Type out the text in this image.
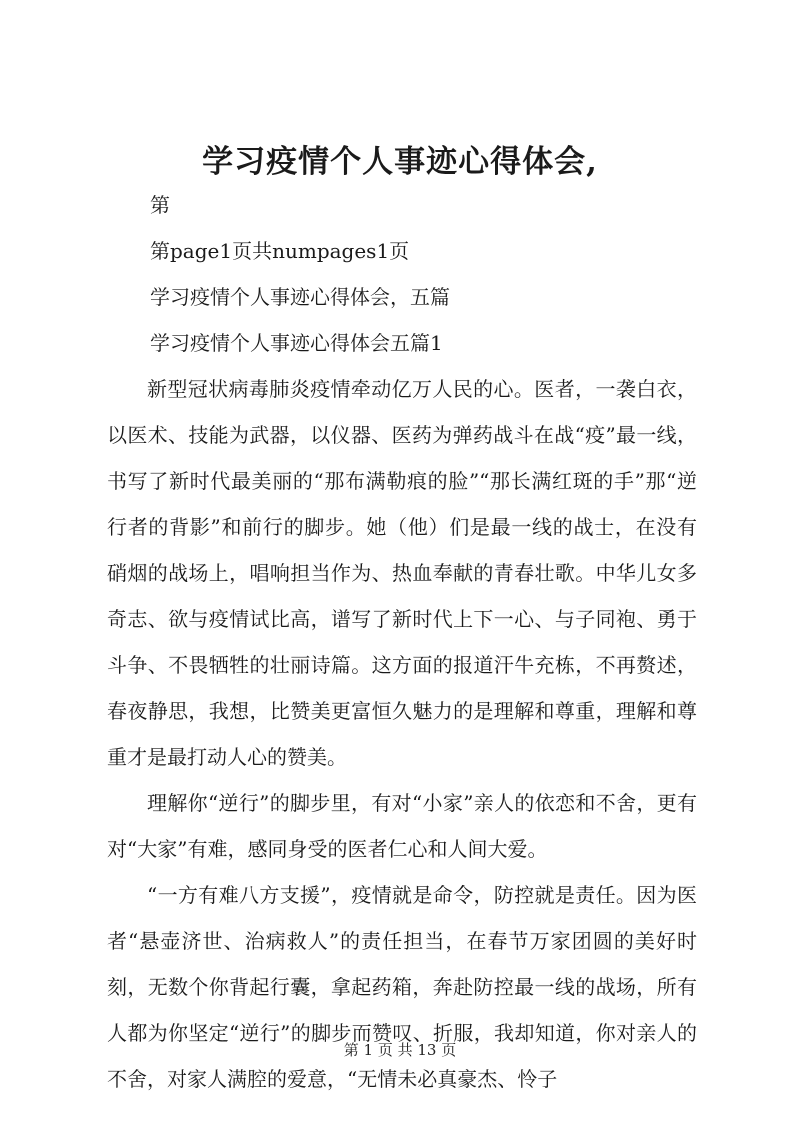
学习疫情个人事迹心得体会,

第

第page1页共numpages1页

学习疫情个人事迹心得体会，五篇

学习疫情个人事迹心得体会五篇1

新型冠状病毒肺炎疫情牵动亿万人民的心。医者，一袭白衣，以医术、技能为武器，以仪器、医药为弹药战斗在战“疫”最一线，书写了新时代最美丽的“那布满勒痕的脸”“那长满红斑的手”那“逆行者的背影”和前行的脚步。她（他）们是最一线的战士，在没有硝烟的战场上，唱响担当作为、热血奉献的青春壮歌。中华儿女多奇志、欲与疫情试比高，谱写了新时代上下一心、与子同袍、勇于斗争、不畏牺牲的壮丽诗篇。这方面的报道汗牛充栋，不再赘述，春夜静思，我想，比赞美更富恒久魅力的是理解和尊重，理解和尊重才是最打动人心的赞美。

理解你“逆行”的脚步里，有对“小家”亲人的依恋和不舍，更有对“大家”有难，感同身受的医者仁心和人间大爱。

“一方有难八方支援”，疫情就是命令，防控就是责任。因为医者“悬壶济世、治病救人”的责任担当，在春节万家团圆的美好时刻，无数个你背起行囊，拿起药箱，奔赴防控最一线的战场，所有人都为你坚定“逆行”的脚步而赞叹、折服，我却知道，你对亲人的不舍，对家人满腔的爱意，“无情未必真豪杰、怜子

第 1 页 共 13 页
